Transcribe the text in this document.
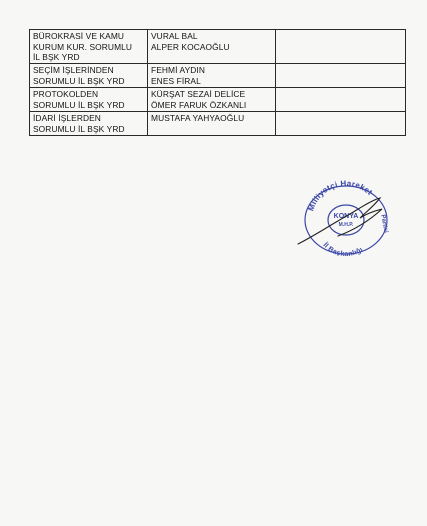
BÜROKRASİ VE KAMU
KURUM KUR. SORUMLU
İL BŞK YRD	VURAL BAL
ALPER KOCAOĞLU	

SEÇİM İŞLERİNDEN
SORUMLU İL BŞK YRD	FEHMİ AYDIN
ENES FİRAL	

PROTOKOLDEN
SORUMLU İL BŞK YRD	KÜRŞAT SEZAİ DELİCE
ÖMER FARUK ÖZKANLI	

İDARİ İŞLERDEN
SORUMLU İL BŞK YRD	MUSTAFA YAHYAOĞLU	

Milliyetçi Hareket
İl Başkanlığı
Partisi
KONYA
M.H.P.
